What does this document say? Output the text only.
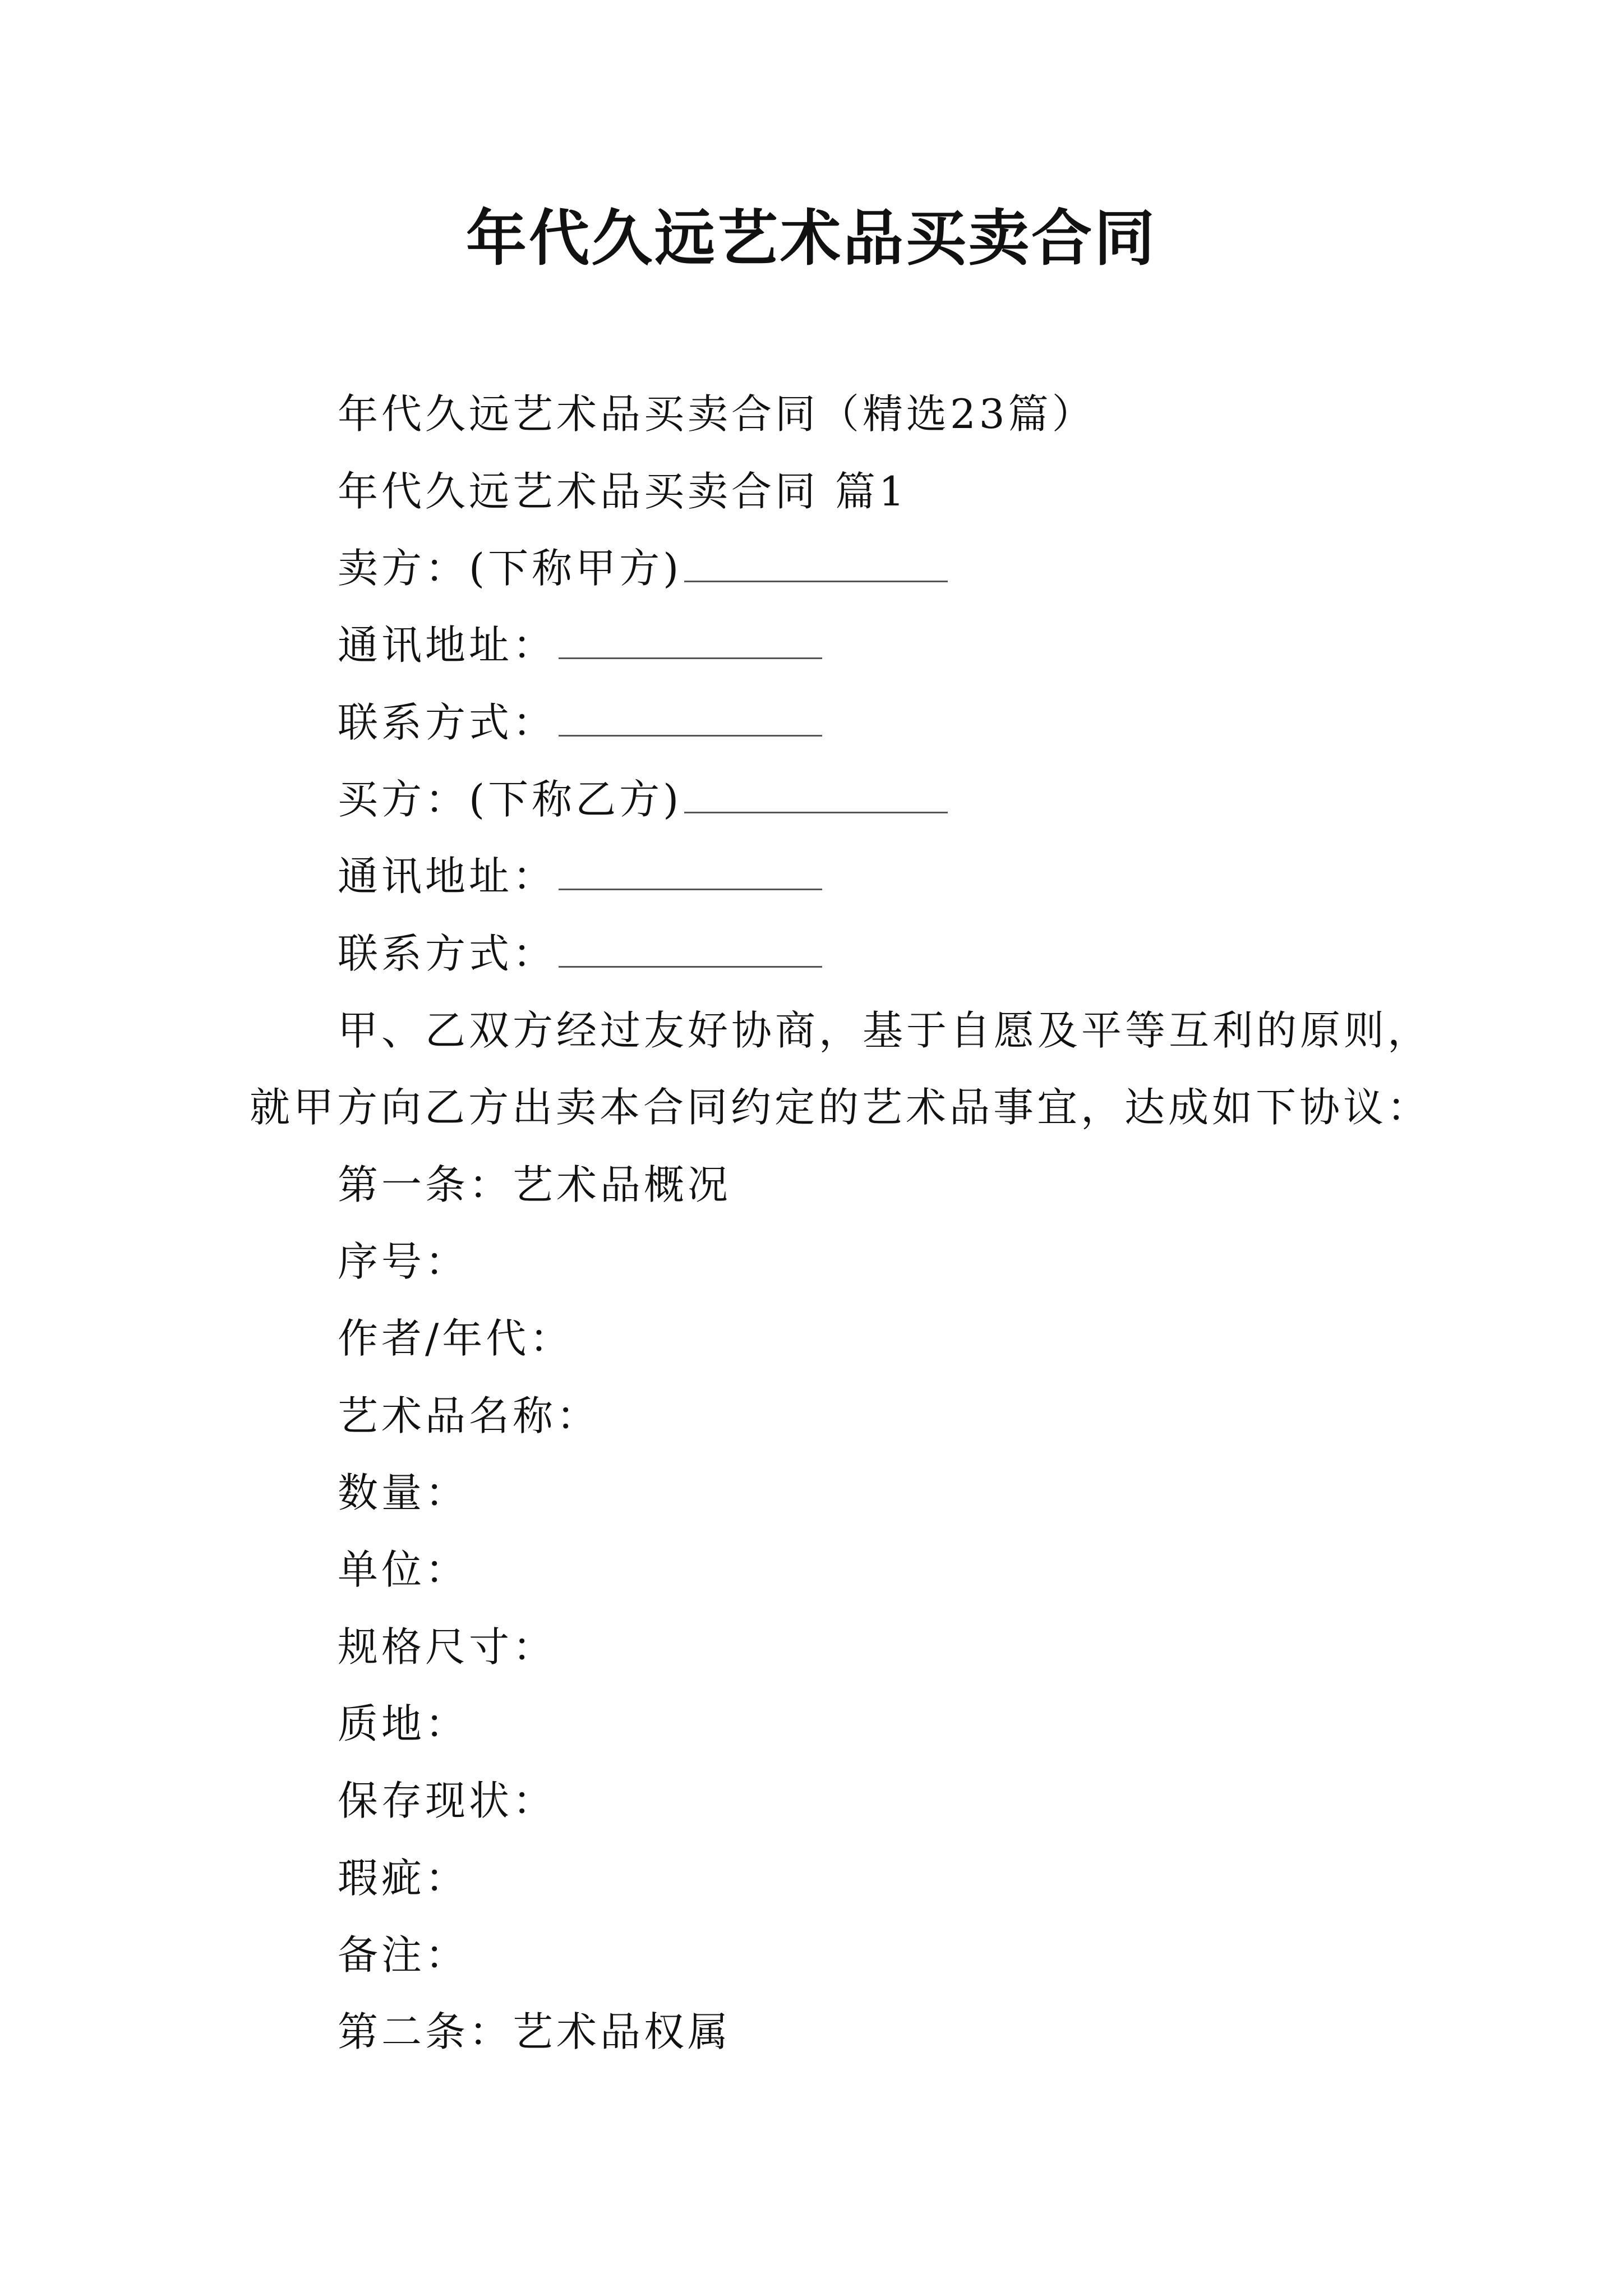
年代久远艺术品买卖合同
年代久远艺术品买卖合同（精选23篇）
年代久远艺术品买卖合同 篇1
卖方：(下称甲方)
通讯地址：
联系方式：
买方：(下称乙方)
通讯地址：
联系方式：
甲、乙双方经过友好协商，基于自愿及平等互利的原则，
就甲方向乙方出卖本合同约定的艺术品事宜，达成如下协议：
第一条：艺术品概况
序号：
作者/年代：
艺术品名称：
数量：
单位：
规格尺寸：
质地：
保存现状：
瑕疵：
备注：
第二条：艺术品权属
